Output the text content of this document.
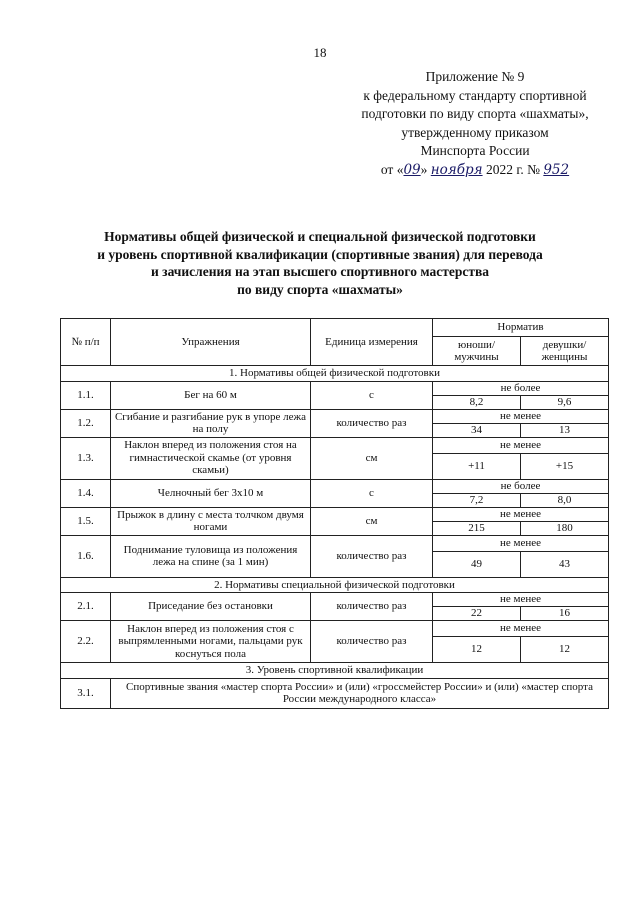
18
Приложение № 9
к федеральному стандарту спортивной
подготовки по виду спорта «шахматы»,
утвержденному приказом
Минспорта России
от «09» ноября 2022 г. № 952
Нормативы общей физической и специальной физической подготовки
и уровень спортивной квалификации (спортивные звания) для перевода
и зачисления на этап высшего спортивного мастерства
по виду спорта «шахматы»
№ п/п	Упражнения	Единица измерения	Норматив	
			юноши/ мужчины	девушки/ женщины
1. Нормативы общей физической подготовки				
1.1.	Бег на 60 м	с	не более	
			8,2	9,6
1.2.	Сгибание и разгибание рук в упоре лежа на полу	количество раз	не менее	
			34	13
1.3.	Наклон вперед из положения стоя на гимнастической скамье (от уровня скамьи)	см	не менее	
			+11	+15
1.4.	Челночный бег 3х10 м	с	не более	
			7,2	8,0
1.5.	Прыжок в длину с места толчком двумя ногами	см	не менее	
			215	180
1.6.	Поднимание туловища из положения лежа на спине (за 1 мин)	количество раз	не менее	
			49	43
2. Нормативы специальной физической подготовки				
2.1.	Приседание без остановки	количество раз	не менее	
			22	16
2.2.	Наклон вперед из положения стоя с выпрямленными ногами, пальцами рук коснуться пола	количество раз	не менее	
			12	12
3. Уровень спортивной квалификации				
3.1.	Спортивные звания «мастер спорта России» и (или) «гроссмейстер России» и (или) «мастер спорта России международного класса»			
